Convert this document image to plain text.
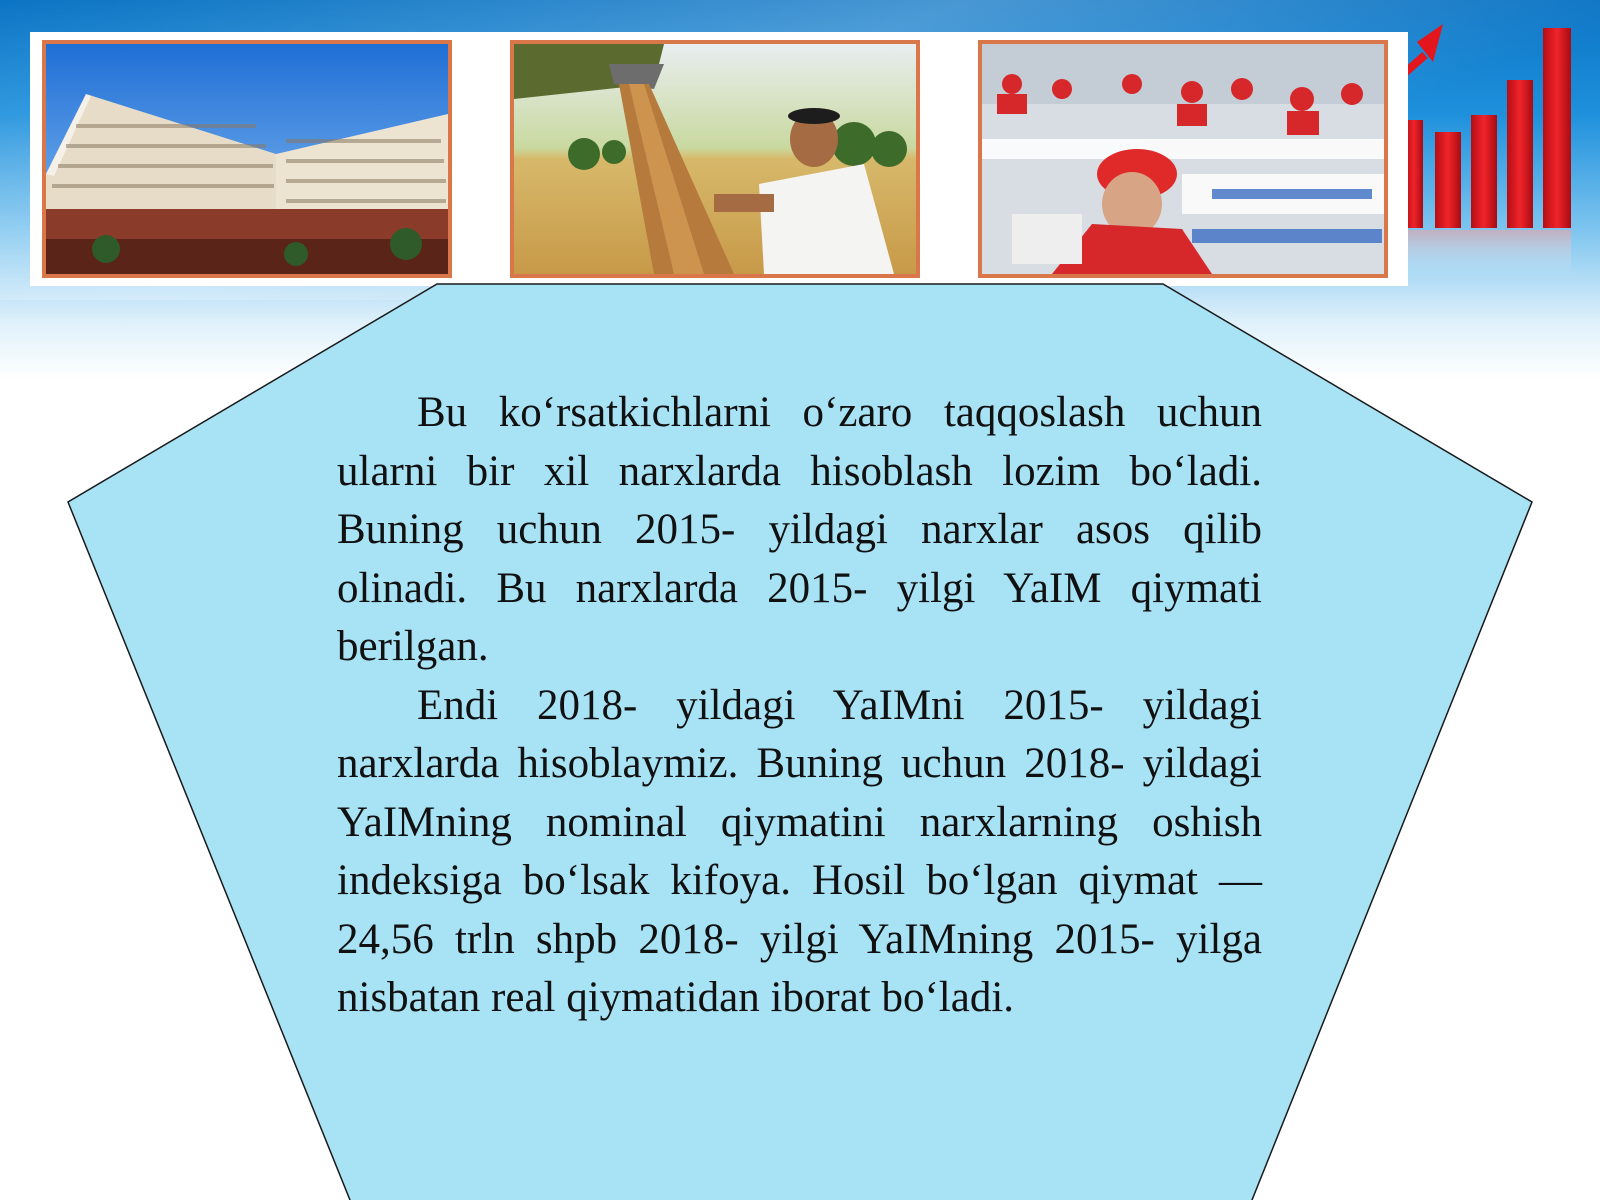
Bu ko‘rsatkichlarni o‘zaro taqqoslash uchun ularni bir xil narxlarda hisoblash lozim bo‘ladi. Buning uchun 2015- yildagi narxlar asos qilib olinadi. Bu narxlarda 2015- yilgi YaIM qiymati berilgan.

Endi 2018- yildagi YaIMni 2015- yildagi narxlarda hisoblaymiz. Buning uchun 2018- yildagi YaIMning nominal qiymatini narxlarning oshish indeksiga bo‘lsak kifoya. Hosil bo‘lgan qiymat — 24,56 trln shpb 2018- yilgi YaIMning 2015- yilga nisbatan real qiymatidan iborat bo‘ladi.
